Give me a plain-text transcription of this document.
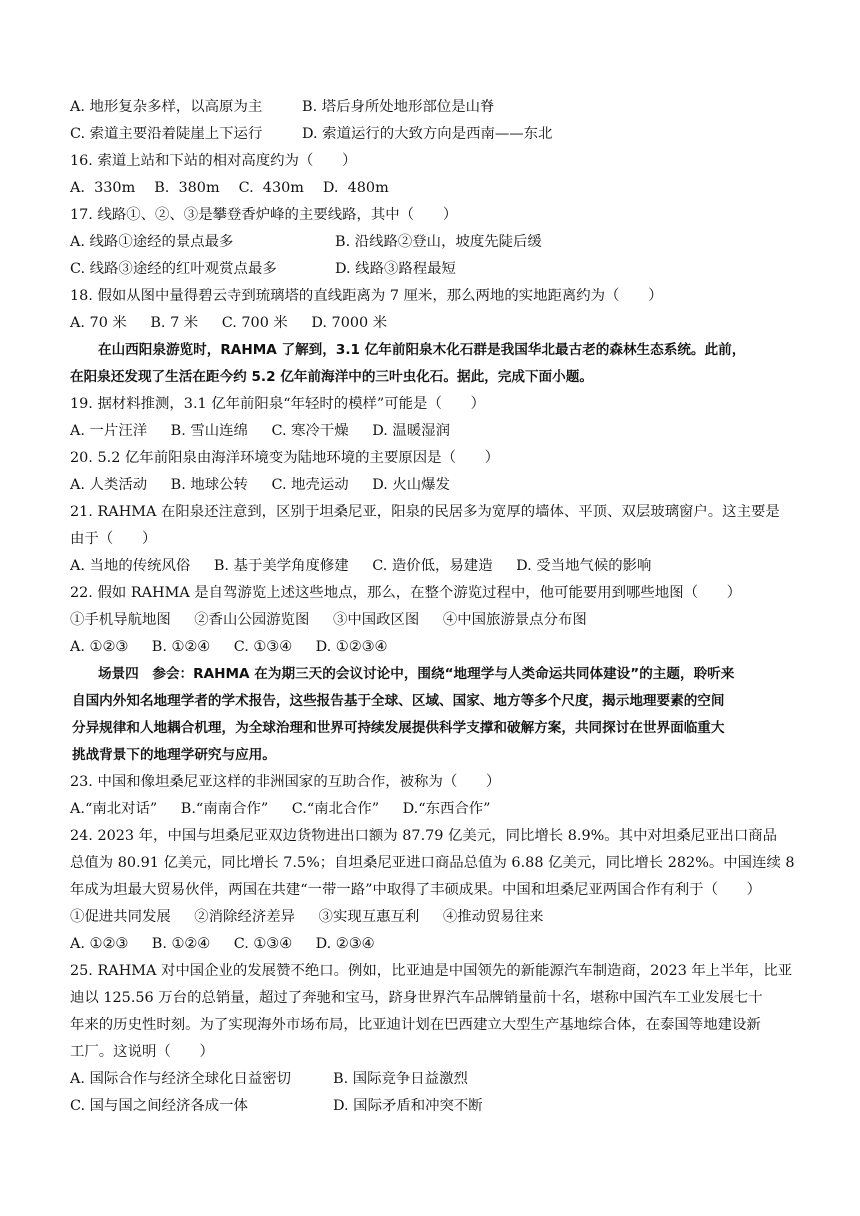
A. 地形复杂多样，以高原为主	B. 塔后身所处地形部位是山脊
C. 索道主要沿着陡崖上下运行	D. 索道运行的大致方向是西南——东北
16. 索道上站和下站的相对高度约为（　　）
A.  330m　 B.  380m　 C.  430m　 D.  480m
17. 线路①、②、③是攀登香炉峰的主要线路，其中（　　）
A. 线路①途经的景点最多	B. 沿线路②登山，坡度先陡后缓
C. 线路③途经的红叶观赏点最多	D. 线路③路程最短
A. 70 米　  B. 7 米　  C. 700 米　  D. 7000 米
18. 假如从图中量得碧云寺到琉璃塔的直线距离为 7 厘米，那么两地的实地距离约为（　　）
在山西阳泉游览时，RAHMA 了解到，3.1 亿年前阳泉木化石群是我国华北最古老的森林生态系统。此前，
在阳泉还发现了生活在距今约 5.2 亿年前海洋中的三叶虫化石。据此，完成下面小题。
19. 据材料推测，3.1 亿年前阳泉“年轻时的模样”可能是（　　）
A. 一片汪洋　  B. 雪山连绵　  C. 寒冷干燥　  D. 温暖湿润
20. 5.2 亿年前阳泉由海洋环境变为陆地环境的主要原因是（　　）
A. 人类活动　  B. 地球公转　  C. 地壳运动　  D. 火山爆发
21. RAHMA 在阳泉还注意到，区别于坦桑尼亚，阳泉的民居多为宽厚的墙体、平顶、双层玻璃窗户。这主要是
由于（　　）
A. 当地的传统风俗　  B. 基于美学角度修建　  C. 造价低，易建造　  D. 受当地气候的影响
22. 假如 RAHMA 是自驾游览上述这些地点，那么，在整个游览过程中，他可能要用到哪些地图（　　）
①手机导航地图　  ②香山公园游览图　  ③中国政区图　  ④中国旅游景点分布图
A. ①②③　  B. ①②④　  C. ①③④　  D. ①②③④
场景四　参会：RAHMA 在为期三天的会议讨论中，围绕“地理学与人类命运共同体建设”的主题，聆听来
自国内外知名地理学者的学术报告，这些报告基于全球、区域、国家、地方等多个尺度，揭示地理要素的空间
分异规律和人地耦合机理，为全球治理和世界可持续发展提供科学支撑和破解方案，共同探讨在世界面临重大
挑战背景下的地理学研究与应用。
23. 中国和像坦桑尼亚这样的非洲国家的互助合作，被称为（　　）
A.“南北对话”　  B.“南南合作”　  C.“南北合作”　  D.“东西合作”
24. 2023 年，中国与坦桑尼亚双边货物进出口额为 87.79 亿美元，同比增长 8.9%。其中对坦桑尼亚出口商品
总值为 80.91 亿美元，同比增长 7.5%；自坦桑尼亚进口商品总值为 6.88 亿美元，同比增长 282%。中国连续 8
年成为坦最大贸易伙伴，两国在共建“一带一路”中取得了丰硕成果。中国和坦桑尼亚两国合作有利于（　　）
①促进共同发展　  ②消除经济差异　  ③实现互惠互利　  ④推动贸易往来
A. ①②③　  B. ①②④　  C. ①③④　  D. ②③④
25. RAHMA 对中国企业的发展赞不绝口。例如，比亚迪是中国领先的新能源汽车制造商，2023 年上半年，比亚
迪以 125.56 万台的总销量，超过了奔驰和宝马，跻身世界汽车品牌销量前十名，堪称中国汽车工业发展七十
年来的历史性时刻。为了实现海外市场布局，比亚迪计划在巴西建立大型生产基地综合体，在泰国等地建设新
工厂。这说明（　　）
A. 国际合作与经济全球化日益密切	B. 国际竞争日益激烈
C. 国与国之间经济各成一体	D. 国际矛盾和冲突不断
